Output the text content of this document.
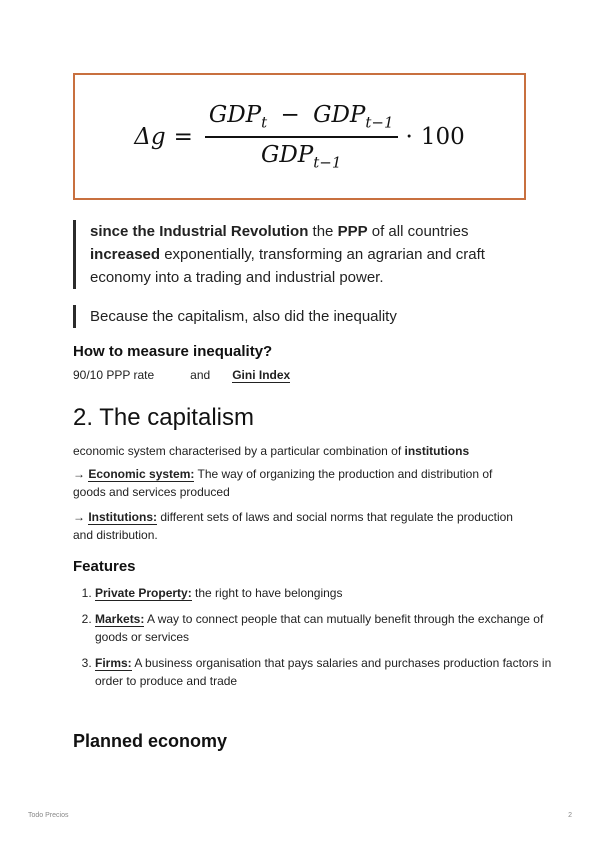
$\Delta g = \frac{GDP_t - GDP_{t-1}}{GDP_{t-1}} \cdot 100$
since the Industrial Revolution the PPP of all countries increased exponentially, transforming an agrarian and craft economy into a trading and industrial power.
Because the capitalism, also did the inequality
How to measure inequality?
90/10 PPP rate	and Gini Index
2. The capitalism
economic system characterised by a particular combination of institutions
→ Economic system: The way of organizing the production and distribution of goods and services produced
→ Institutions: different sets of laws and social norms that regulate the production and distribution.
Features
1. Private Property: the right to have belongings
2. Markets: A way to connect people that can mutually benefit through the exchange of goods or services
3. Firms: A business organisation that pays salaries and purchases production factors in order to produce and trade
Planned economy
Todo Precios	2
